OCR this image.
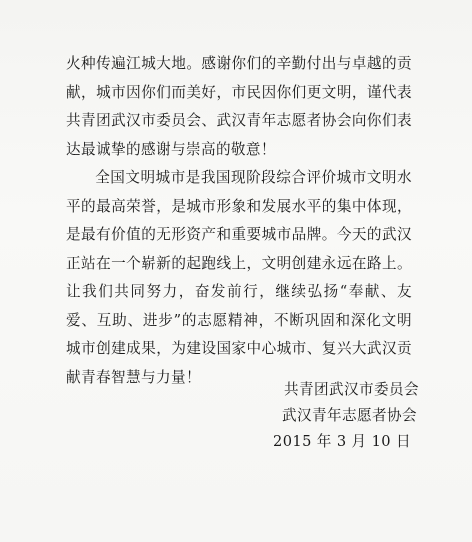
火种传遍江城大地。感谢你们的辛勤付出与卓越的贡献，城市因你们而美好，市民因你们更文明，谨代表共青团武汉市委员会、武汉青年志愿者协会向你们表达最诚挚的感谢与崇高的敬意！

全国文明城市是我国现阶段综合评价城市文明水平的最高荣誉，是城市形象和发展水平的集中体现，是最有价值的无形资产和重要城市品牌。今天的武汉正站在一个崭新的起跑线上，文明创建永远在路上。让我们共同努力，奋发前行，继续弘扬“奉献、友爱、互助、进步”的志愿精神，不断巩固和深化文明城市创建成果，为建设国家中心城市、复兴大武汉贡献青春智慧与力量！

共青团武汉市委员会
武汉青年志愿者协会
2015 年 3 月 10 日
